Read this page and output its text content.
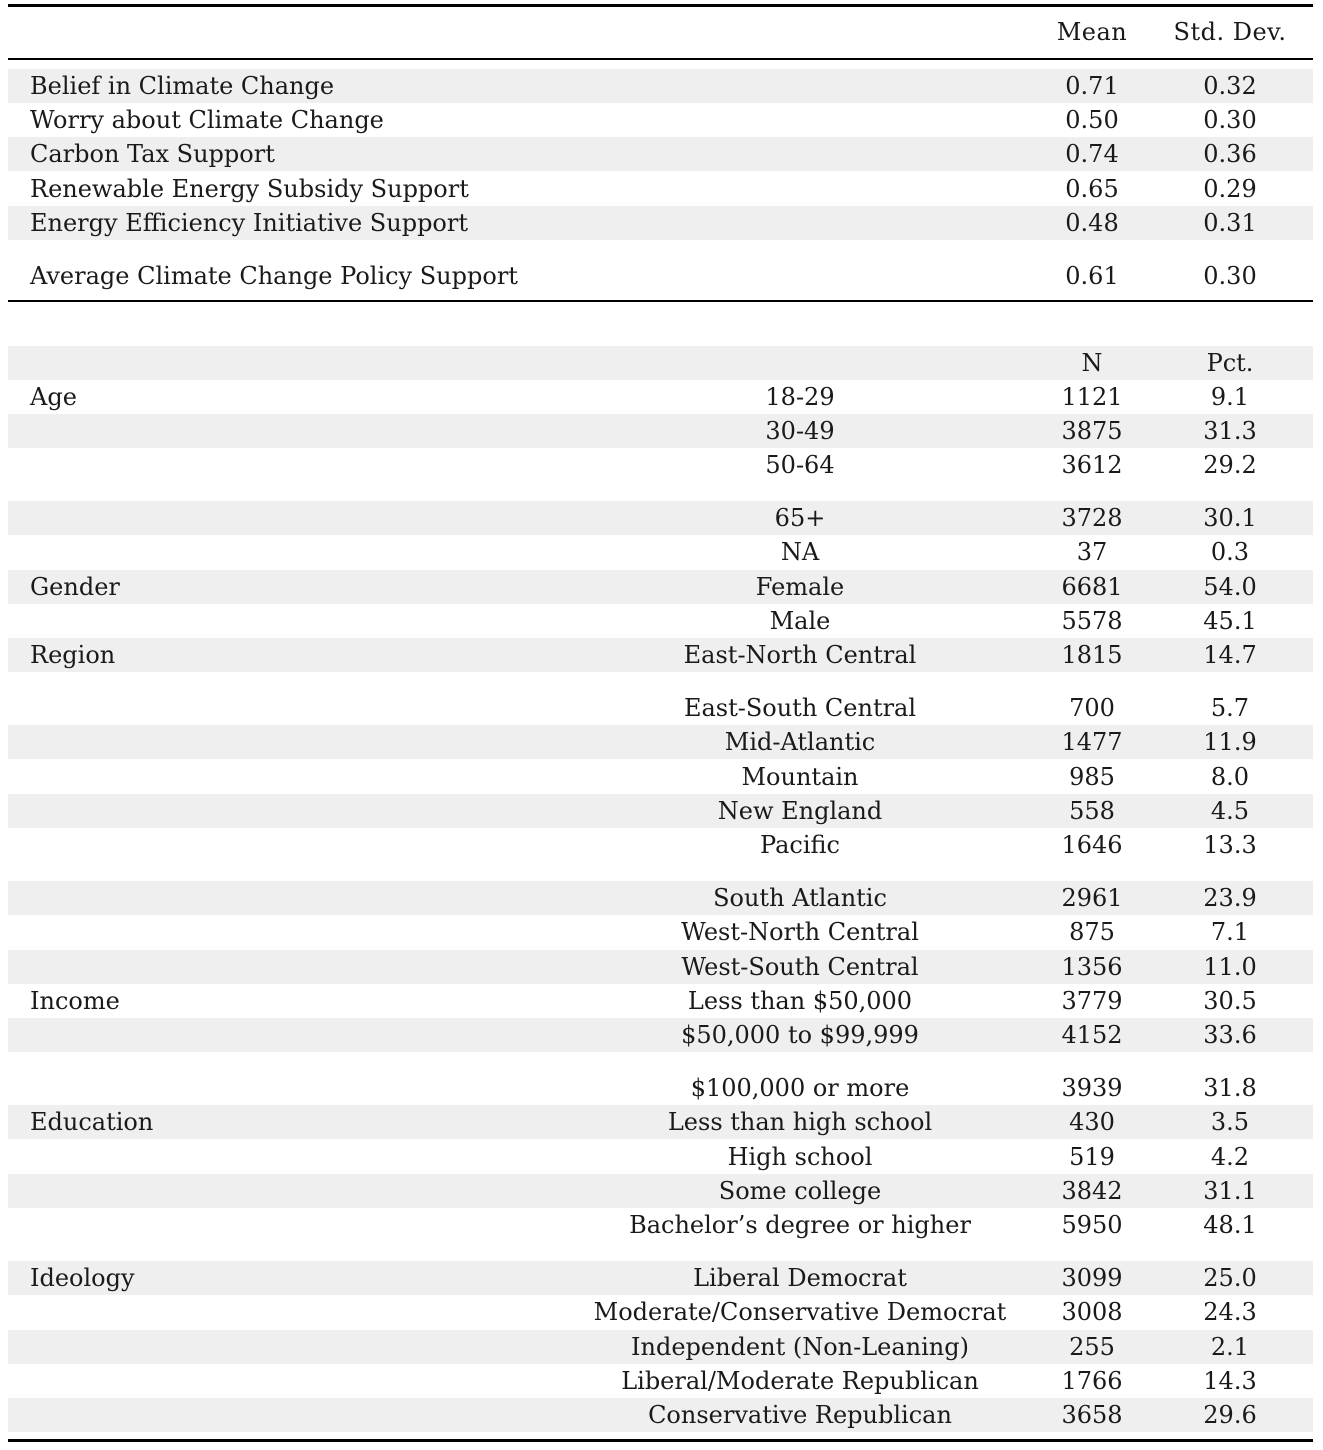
Mean	Std. Dev.
Belief in Climate Change	0.71	0.32
Worry about Climate Change	0.50	0.30
Carbon Tax Support	0.74	0.36
Renewable Energy Subsidy Support	0.65	0.29
Energy Efficiency Initiative Support	0.48	0.31
Average Climate Change Policy Support	0.61	0.30
N	Pct.
Age	18-29	1121	9.1
30-49	3875	31.3
50-64	3612	29.2
65+	3728	30.1
NA	37	0.3
Gender	Female	6681	54.0
Male	5578	45.1
Region	East-North Central	1815	14.7
East-South Central	700	5.7
Mid-Atlantic	1477	11.9
Mountain	985	8.0
New England	558	4.5
Pacific	1646	13.3
South Atlantic	2961	23.9
West-North Central	875	7.1
West-South Central	1356	11.0
Income	Less than $50,000	3779	30.5
$50,000 to $99,999	4152	33.6
$100,000 or more	3939	31.8
Education	Less than high school	430	3.5
High school	519	4.2
Some college	3842	31.1
Bachelor’s degree or higher	5950	48.1
Ideology	Liberal Democrat	3099	25.0
Moderate/Conservative Democrat	3008	24.3
Independent (Non-Leaning)	255	2.1
Liberal/Moderate Republican	1766	14.3
Conservative Republican	3658	29.6
